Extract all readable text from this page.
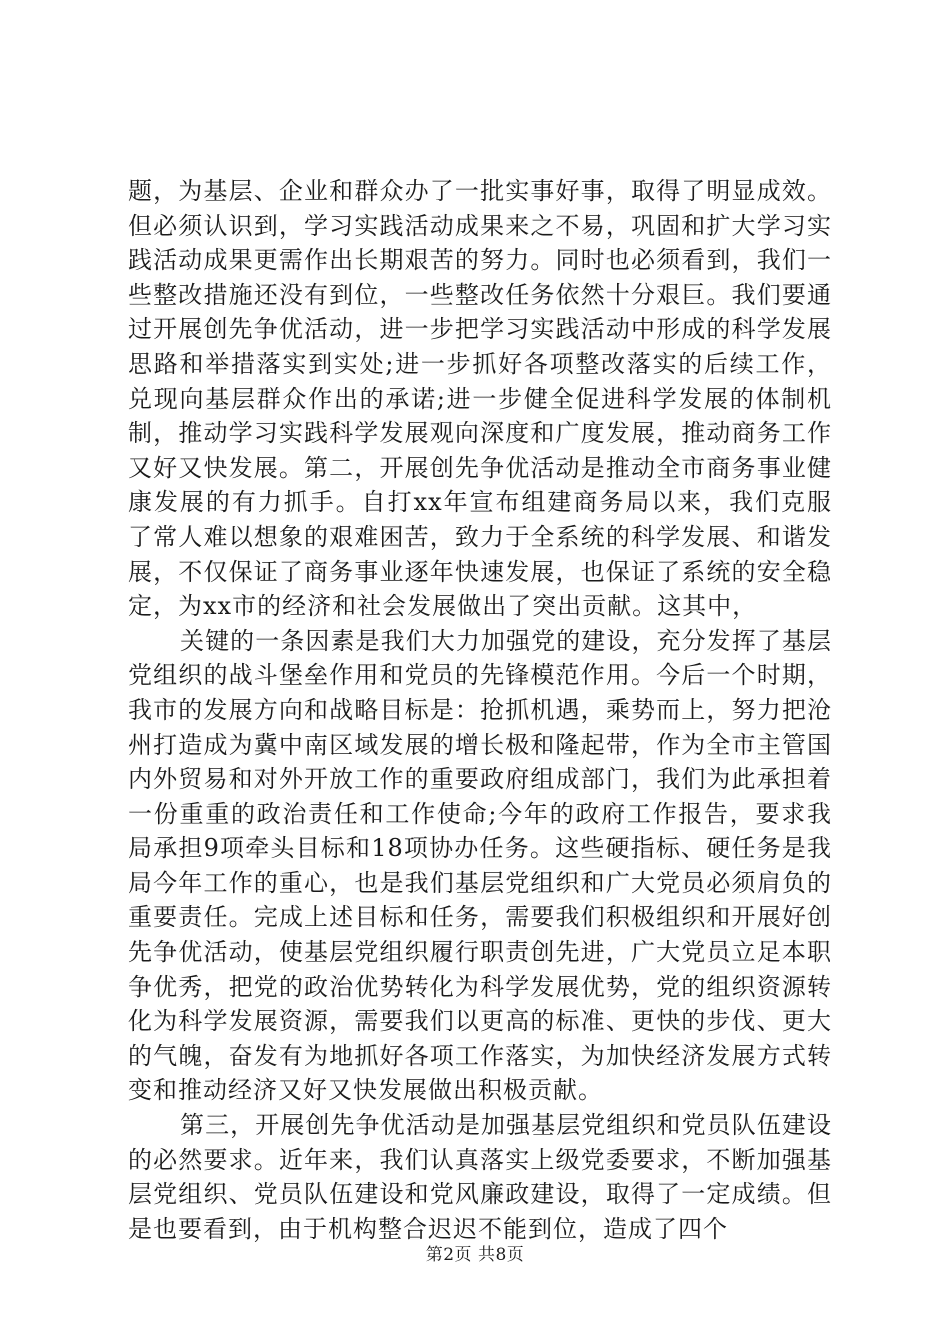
题，为基层、企业和群众办了一批实事好事，取得了明显成效。但必须认识到，学习实践活动成果来之不易，巩固和扩大学习实践活动成果更需作出长期艰苦的努力。同时也必须看到，我们一些整改措施还没有到位，一些整改任务依然十分艰巨。我们要通过开展创先争优活动，进一步把学习实践活动中形成的科学发展思路和举措落实到实处;进一步抓好各项整改落实的后续工作，兑现向基层群众作出的承诺;进一步健全促进科学发展的体制机制，推动学习实践科学发展观向深度和广度发展，推动商务工作又好又快发展。第二，开展创先争优活动是推动全市商务事业健康发展的有力抓手。自打xx年宣布组建商务局以来，我们克服了常人难以想象的艰难困苦，致力于全系统的科学发展、和谐发展，不仅保证了商务事业逐年快速发展，也保证了系统的安全稳定，为xx市的经济和社会发展做出了突出贡献。这其中，

关键的一条因素是我们大力加强党的建设，充分发挥了基层党组织的战斗堡垒作用和党员的先锋模范作用。今后一个时期，我市的发展方向和战略目标是：抢抓机遇，乘势而上，努力把沧州打造成为冀中南区域发展的增长极和隆起带，作为全市主管国内外贸易和对外开放工作的重要政府组成部门，我们为此承担着一份重重的政治责任和工作使命;今年的政府工作报告，要求我局承担9项牵头目标和18项协办任务。这些硬指标、硬任务是我局今年工作的重心，也是我们基层党组织和广大党员必须肩负的重要责任。完成上述目标和任务，需要我们积极组织和开展好创先争优活动，使基层党组织履行职责创先进，广大党员立足本职争优秀，把党的政治优势转化为科学发展优势，党的组织资源转化为科学发展资源，需要我们以更高的标准、更快的步伐、更大的气魄，奋发有为地抓好各项工作落实，为加快经济发展方式转变和推动经济又好又快发展做出积极贡献。

第三，开展创先争优活动是加强基层党组织和党员队伍建设的必然要求。近年来，我们认真落实上级党委要求，不断加强基层党组织、党员队伍建设和党风廉政建设，取得了一定成绩。但是也要看到，由于机构整合迟迟不能到位，造成了四个

第2页 共8页
